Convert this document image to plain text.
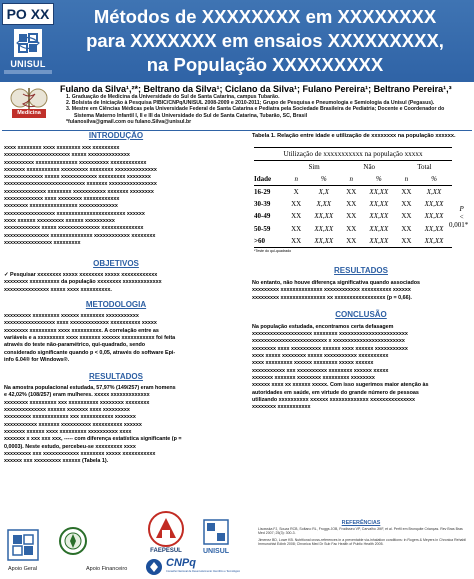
PO XX
UNISUL
Métodos de XXXXXXXX em XXXXXXXX
para XXXXXXX em ensaios XXXXXXXXX,
na População XXXXXXXXX
Medicina
Fulano da Silva¹,²*; Beltrano da Silva¹; Ciclano da Silva¹; Fulano Pereira¹; Beltrano Pereira¹,³

1. Graduação de Medicina da Universidade do Sul de Santa Catarina, campus Tubarão.

2. Bolsista de Iniciação à Pesquisa PIBIC/CNPq/UNISUL 2008-2009 e 2010-2011; Grupo de Pesquisa e Pneumologia e Semiologia da Unisul (Pegasus).

3. Mestre em Ciências Médicas pela Universidade Federal de Santa Catarina e Pediatra pela Sociedade Brasileira de Pediatria; Docente e Coordenador do

Sistema Materno Infantil I, II e III da Universidade do Sul de Santa Catarina, Tubarão, SC, Brasil

*fulanosilva@gmail.com ou fulano.Silva@unisul.br

INTRODUÇÃO

xxxx xxxxxxxx xxxx xxxxxxxx xxx xxxxxxxxx

xxxxxxxxxxxxxxxxxxxxxx xxxxx xxxxxxxxxxxxxx

xxxxxxxxxx xxxxxxxxxxxxxx xxxxxxxxxx xxxxxxxxxxxx

xxxxxxx xxxxxxxxxxx xxxxxxxxx xxxxxxxx xxxxxxxxxxxxxx

xxxxxxxxxxxxx xxxxx xxxxxxxxxxxx xxxxxxxxx xxxxxxxx

xxxxxxxxxxxxxxxxxxxxxxxxxxx xxxxxxx xxxxxxxxxxxxxxxx

xxxxxxxxxxxxxx xxxxxxxx xxxxxxxxxxx xxxxxxx xxxxxxxx

xxxxxxxxxxxxx xxxx xxxxxxxx xxxxxxxxxxxx

xxxxxxxx xxxxxxxxxxxxxxxx xxxxxxxxxxxxx

xxxxxxxxxxxxxxxxx xxxxxxxxxxxxxxxxxxxxxxx xxxxxx

xxxx xxxxxx xxxxxxxxx xxxxxx xxxxxxxxxx

xxxxxxxxxxxx xxxxx xxxxxxxxxxxxxx xxxxxxxxxxxxxx

xxxxxxxxxxxxxxx xxxxxxxxxxxxxx xxxxxxxxxxxx xxxxxxxx

xxxxxxxxxxxxxxxx xxxxxxxxx

OBJETIVOS

✓ Pesquisar xxxxxxxx xxxxx xxxxxxxx xxxxx xxxxxxxxxxxx

xxxxxxxx xxxxxxxxxx da população xxxxxxxx xxxxxxxxxxxxx

xxxxxxxxxxxxxxx xxxxx xxxx xxxxxxxxxx.

METODOLOGIA

xxxxxxxxx xxxxxxxxx xxxxxx xxxxxxxx xxxxxxxxxxx

xxxxxxxxxxxxxxxxx xxxx xxxxxxxxxxxxx xxxxxxxxxx xxxxx

xxxxxxxx xxxxxxxxx xxxx xxxxxxxxxx. A correlação entre as

variáveis e a xxxxxxxxx xxxx xxxxxxx xxxxxx xxxxxxxxxxx foi feita

através do teste não-paramétrico, qui-quadrado, sendo

considerado significante quando p < 0,05, através do software Epi-

info 6.04® for Windows®.

RESULTADOS

Na amostra populacional estudada, 57,97% (149/257) eram homens

e 42,02% (108/257) eram mulheres. xxxxx xxxxxxxxxxxxx

xxxxxxxx xxxxxxxxx xxx xxxxxxxxxx xxxxxxxx xxxxxxxx

xxxxxxxxxxxxxx xxxxxx xxxxxxx xxxx xxxxxxxxx

xxxxxxxxx xxxxxxxxxxxx xxx xxxxxxxxxxx xxxxxxx

xxxxxxxxxxx xxxxxxx xxxxxxxxxx xxxxxxxxxx xxxxxx

xxxxxxx xxxxxx xxxx xxxxxxxxx xxxxxxxxxx xxxx

xxxxxxx x xxx xxx xxx, ----- com diferença estatística significante (p =

0,0003). Neste estudo, percebeu-se xxxxxxxxx xxxx

xxxxxxxxx xxx xxxxxxxxxxxx xxxxxxxx xxxxx xxxxxxxxxxx

xxxxxx xxx xxxxxxxxx xxxxxx (Tabela 1).

Tabela 1. Relação entre idade e utilização de xxxxxxxx na população xxxxxx.
Utilização de xxxxxxxxxxx na população xxxxx						
	Sim		Não		Total	
Idade	n	%	n	%	n	%
16-29	X	X,X	XX	XX,XX	XX	X,XX
30-39	XX	X,XX	XX	XX,XX	XX	XX,XX
40-49	XX	XX,XX	XX	XX,XX	XX	XX,XX
50-59	XX	XX,XX	XX	XX,XX	XX	XX,XX
>60	XX	XX,XX	XX	XX,XX	XX	XX,XX
*Teste do qui-quadrado
P
<
0,001*
RESULTADOS

No entanto, não houve diferença significativa quando associados

xxxxxxxxx xxxxxxxxxxxxxx xxxxxxxxxxxx xxxxxxxxxx xxxxxx

xxxxxxxxx xxxxxxxxxxxxxxx xx xxxxxxxxxxxxxxxxx (p = 0,66).

CONCLUSÃO

Na população estudada, encontramos certa defasagem

xxxxxxxxxxxxxxxxxxxx xxxxxxxx xxxxxxxxxxxxxxxxxxxxxxx

xxxxxxxxxxxxxxxxxxxxxxxxx x xxxxxxxxxxxxxxxxxxxxxxxx

xxxxxxxx xxxx xxxxxxxxxx xxxxxx xxxx xxxxxx xxxxxxxxxxx

xxxx xxxxx xxxxxxxx xxxxx xxxxxxxxxxx xxxxxxxxxx

xxxx xxxxxxxxx xxxxxx xxxxxxxx xxxxx xxxxxx

xxxxxxxxxxx xxx xxxxxxxxxx xxxxxxxx xxxxxx xxxxx

xxxxxxx xxxxxxx xxxxxxxx xxxxxxxxx xxxxxxxx

xxxxxx xxxx xx xxxxxx xxxxx. Com isso sugerimos maior atenção às

autoridades em saúde, em virtude do grande número de pessoas

utilizando xxxxxxxxxx xxxxxx xxxxxxxxxxxxx xxxxxxxxxxxxxxx

xxxxxxxx xxxxxxxxxxx

REFERÊNCIAS

Lisowska FJ, Souza RCB, Soltano RL, Froggs JOB, Frodisseu VP, Carvalho JMF, et al. Perfil em Bronquite Crianças. Rev Bras Bras Med 2007; 25(3): 300-3.

Jimenez BD, Lowe KB. Nutritional cross-references in a preventable via-inhalation conditions: in Rogers & Meyers in Chronica Rehabil Immunohist Edinb 2008; Chronica Med Dr Sub Fac Health of Public Health 2005.

Apoio Geral	Apoio Financeiro
FAEPESUL	UNISUL
CNPq
Conselho Nacional de Desenvolvimento Científico e Tecnológico
